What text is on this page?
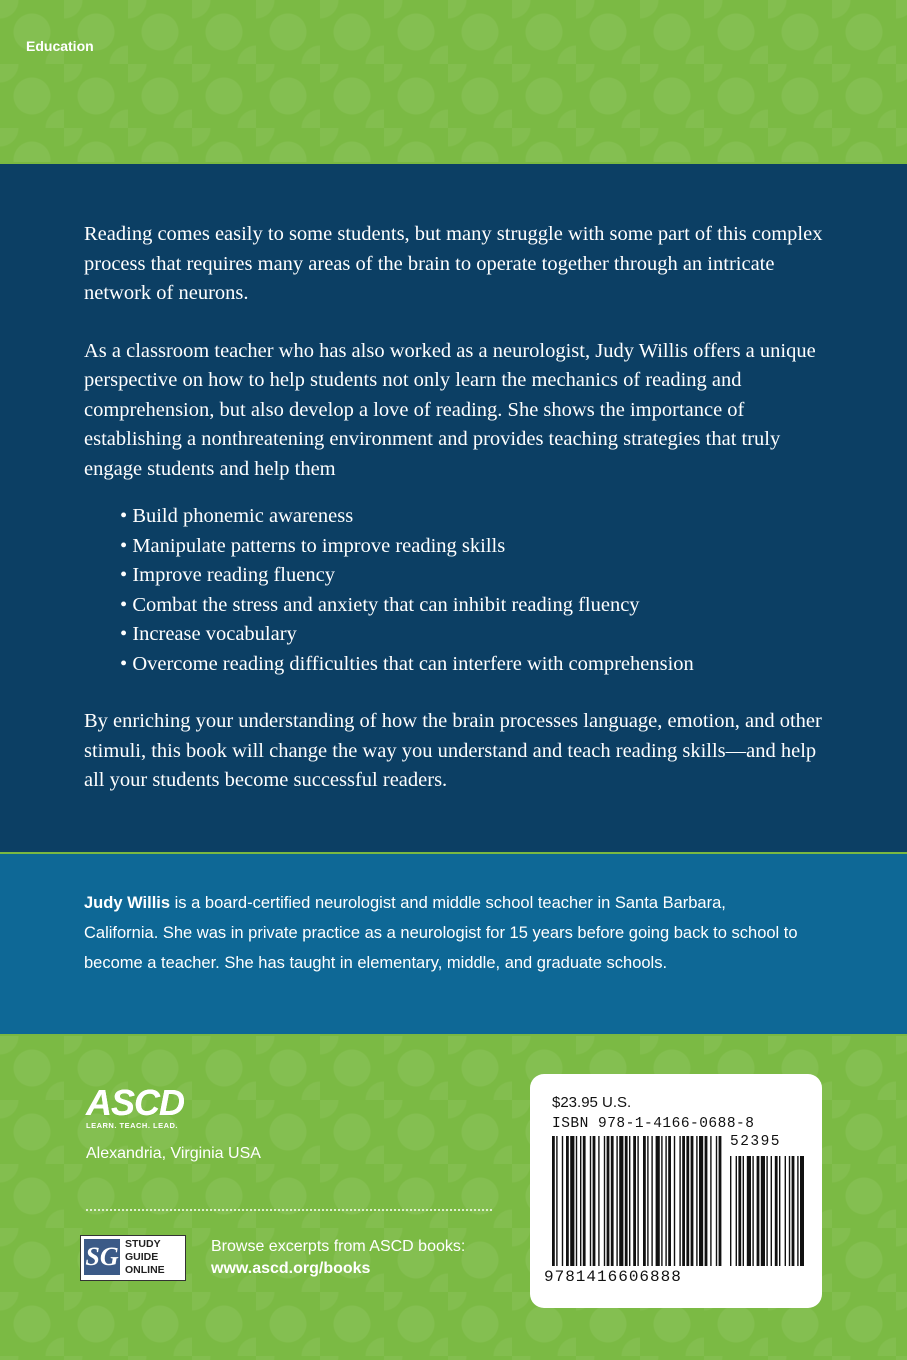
Education

Reading comes easily to some students, but many struggle with some part of this complex process that requires many areas of the brain to operate together through an intricate network of neurons.

As a classroom teacher who has also worked as a neurologist, Judy Willis offers a unique perspective on how to help students not only learn the mechanics of reading and comprehension, but also develop a love of reading. She shows the importance of establishing a nonthreatening environment and provides teaching strategies that truly engage students and help them

• Build phonemic awareness
• Manipulate patterns to improve reading skills
• Improve reading fluency
• Combat the stress and anxiety that can inhibit reading fluency
• Increase vocabulary
• Overcome reading difficulties that can interfere with comprehension

By enriching your understanding of how the brain processes language, emotion, and other stimuli, this book will change the way you understand and teach reading skills—and help all your students become successful readers.

Judy Willis is a board-certified neurologist and middle school teacher in Santa Barbara, California. She was in private practice as a neurologist for 15 years before going back to school to become a teacher. She has taught in elementary, middle, and graduate schools.
ASCD
LEARN. TEACH. LEAD.
Alexandria, Virginia USA
SG STUDY
GUIDE
ONLINE
Browse excerpts from ASCD books:
www.ascd.org/books
$23.95 U.S.
ISBN 978-1-4166-0688-8
52395
9781416606888
